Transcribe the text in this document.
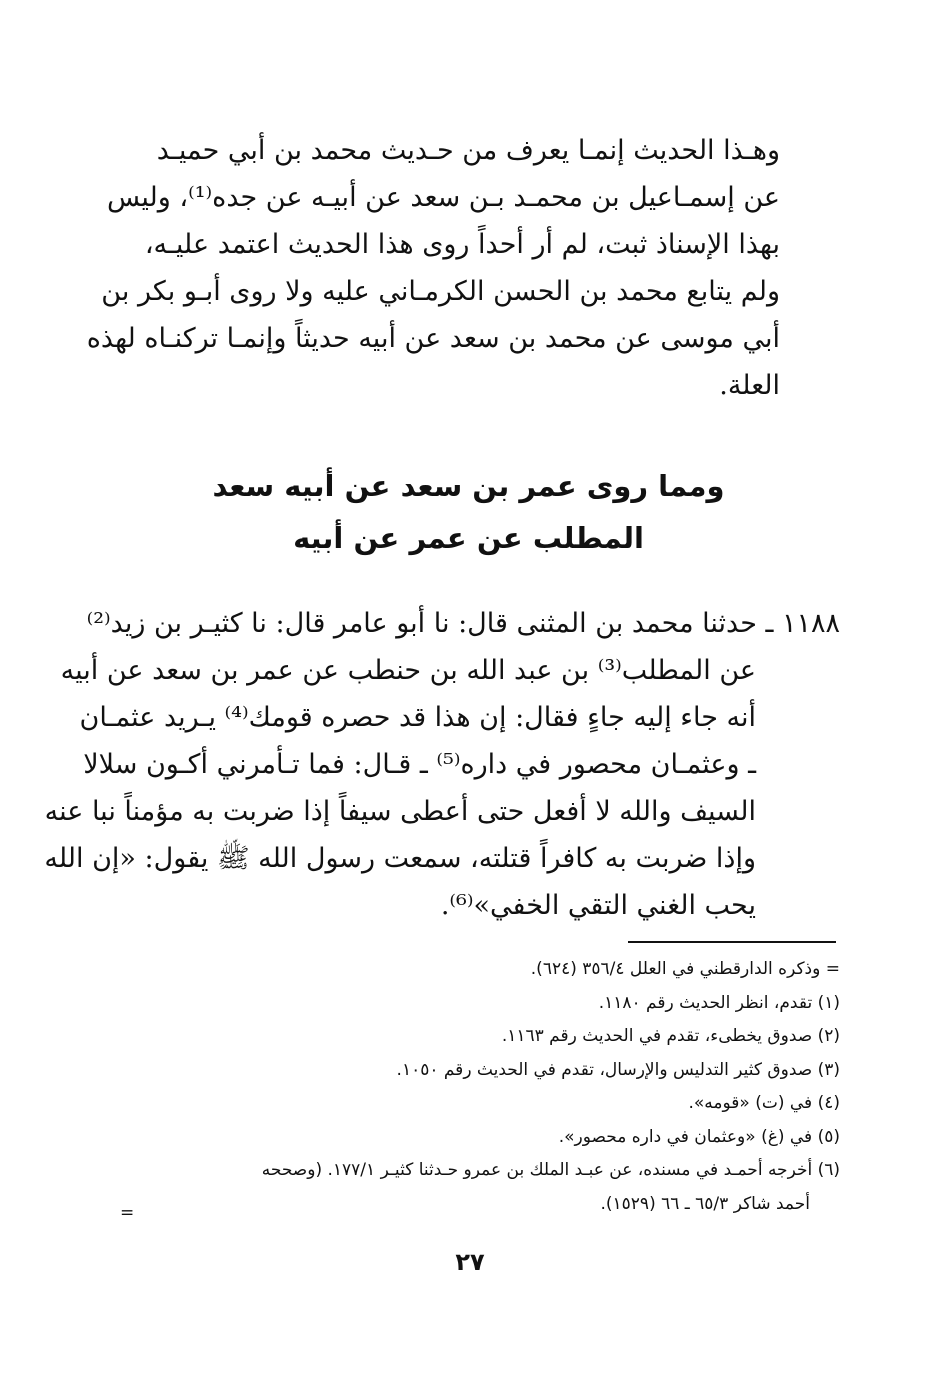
وهـذا الحديث إنمـا يعرف من حـديث محمد بن أبي حميـد
عن إسمـاعيل بن محمـد بـن سعد عن أبيـه عن جده⁽¹⁾، وليس
بهذا الإسناذ ثبت، لم أر أحداً روى هذا الحديث اعتمد عليـه،
ولم يتابع محمد بن الحسن الكرمـاني عليه ولا روى أبـو بكر بن
أبي موسى عن محمد بن سعد عن أبيه حديثاً وإنمـا تركنـاه لهذه
العلة.
ومما روى عمر بن سعد عن أبيه سعد
المطلب عن عمر عن أبيه
١١٨٨ ـ حدثنا محمد بن المثنى قال: نا أبو عامر قال: نا كثيـر بن زيد⁽²⁾
عن المطلب⁽³⁾ بن عبد الله بن حنطب عن عمر بن سعد عن أبيه
أنه جاء إليه جاءٍ فقال: إن هذا قد حصره قومك⁽⁴⁾ يـريد عثمـان
ـ وعثمـان محصور في داره⁽⁵⁾ ـ قـال: فما تـأمرني أكـون سلالا
السيف والله لا أفعل حتى أعطى سيفاً إذا ضربت به مؤمناً نبا عنه
وإذا ضربت به كافراً قتلته، سمعت رسول الله ﷺ يقول: «إن الله
يحب الغني التقي الخفي»⁽⁶⁾.
= وذكره الدارقطني في العلل ٣٥٦/٤ (٦٢٤).
(١) تقدم، انظر الحديث رقم ١١٨٠.
(٢) صدوق يخطىء، تقدم في الحديث رقم ١١٦٣.
(٣) صدوق كثير التدليس والإرسال، تقدم في الحديث رقم ١٠٥٠.
(٤) في (ت) «قومه».
(٥) في (غ) «وعثمان في داره محصور».
(٦) أخرجه أحمـد في مسنده، عن عبـد الملك بن عمرو حـدثنا كثيـر ١٧٧/١. (وصححه
أحمد شاكر ٦٥/٣ ـ ٦٦ (١٥٢٩).
=
٢٧
